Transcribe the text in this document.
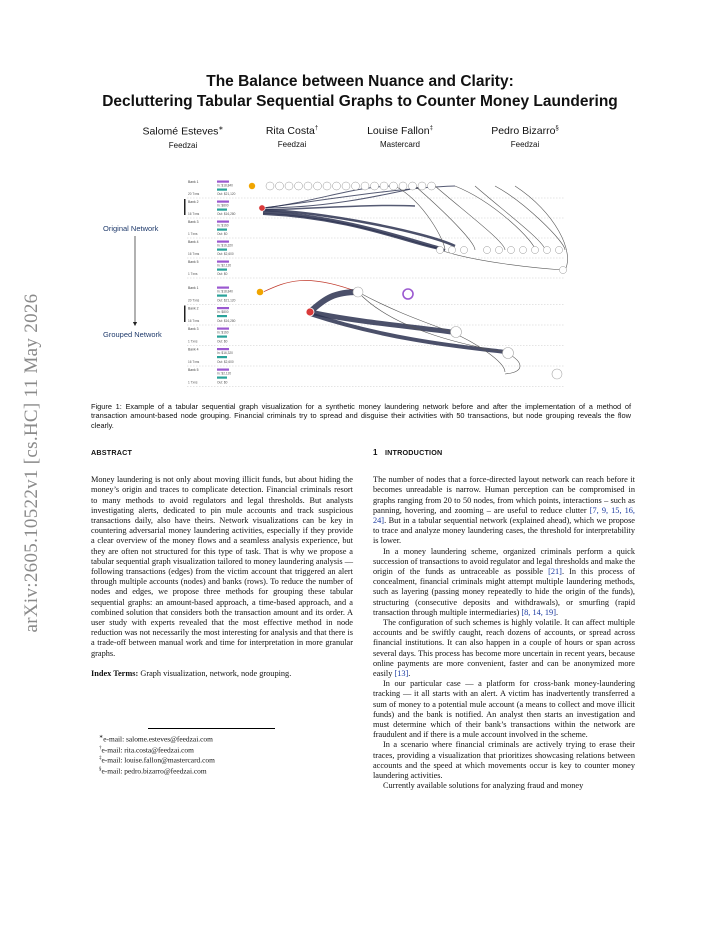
arXiv:2605.10522v1 [cs.HC] 11 May 2026
The Balance between Nuance and Clarity:
Decluttering Tabular Sequential Graphs to Counter Money Laundering
Salomé Esteves∗
Feedzai
Rita Costa†
Feedzai
Louise Fallon‡
Mastercard
Pedro Bizarro§
Feedzai
Original Network
Grouped Network
Bank 1
20 Txns
In: $18,840
Out: $21,120
Bank 2
16 Txns
In: $800
Out: $16,280
Bank 3
1 Txns
In: $160
Out: $0
Bank 4
16 Txns
In: $16,320
Out: $2,600
Bank 5
1 Txns
In: $2,120
Out: $0
Bank 1
20 Txns
In: $18,840
Out: $21,120
Bank 2
16 Txns
In: $800
Out: $16,280
Bank 3
1 Txns
In: $160
Out: $0
Bank 4
16 Txns
In: $16,320
Out: $2,600
Bank 5
1 Txns
In: $2,120
Out: $0
Figure 1: Example of a tabular sequential graph visualization for a synthetic money laundering network before and after the implementation of a method of transaction amount-based node grouping. Financial criminals try to spread and disguise their activities with 50 transactions, but node grouping reveals the flow clearly.
ABSTRACT

Money laundering is not only about moving illicit funds, but about hiding the money’s origin and traces to complicate detection. Financial criminals resort to many methods to avoid regulators and legal thresholds. But analysts investigating alerts, dedicated to pin mule accounts and track suspicious transactions daily, also have theirs. Network visualizations can be key in countering adversarial money laundering activities, especially if they provide a clear overview of the money flows and a seamless analysis experience, but they are often not structured for this type of task. That is why we propose a tabular sequential graph visualization tailored to money laundering analysis — following transactions (edges) from the victim account that triggered an alert through multiple accounts (nodes) and banks (rows). To reduce the number of nodes and edges, we propose three methods for grouping these tabular sequential graphs: an amount-based approach, a time-based approach, and a combined solution that considers both the transaction amount and its order. A user study with experts revealed that the most effective method in node reduction was not necessarily the most interesting for analysis and that there is a trade-off between manual work and time for interpretation in more granular graphs.

Index Terms: Graph visualization, network, node grouping.

∗e-mail: salome.esteves@feedzai.com
†e-mail: rita.costa@feedzai.com
‡e-mail: louise.fallon@mastercard.com
§e-mail: pedro.bizarro@feedzai.com
1 INTRODUCTION

The number of nodes that a force-directed layout network can reach before it becomes unreadable is narrow. Human perception can be compromised in graphs ranging from 20 to 50 nodes, from which points, interactions – such as panning, hovering, and zooming – are useful to reduce clutter [7, 9, 15, 16, 24]. But in a tabular sequential network (explained ahead), which we propose to trace and analyze money laundering cases, the threshold for interpretability is lower.

In a money laundering scheme, organized criminals perform a quick succession of transactions to avoid regulator and legal thresholds and make the origin of the funds as untraceable as possible [21]. In this process of concealment, financial criminals might attempt multiple laundering methods, such as layering (passing money repeatedly to hide the origin of the funds), structuring (consecutive deposits and withdrawals), or smurfing (rapid transaction through multiple intermediaries) [8, 14, 19].

The configuration of such schemes is highly volatile. It can affect multiple accounts and be swiftly caught, reach dozens of accounts, or spread across financial institutions. It can also happen in a couple of hours or span across several days. This process has become more uncertain in recent years, because online payments are more convenient, faster and can be anonymized more easily [13].

In our particular case — a platform for cross-bank money-laundering tracking — it all starts with an alert. A victim has inadvertently transferred a sum of money to a potential mule account (a means to collect and move illicit funds) and the bank is notified. An analyst then starts an investigation and must determine which of their bank’s transactions within the network are fraudulent and if there is a mule account involved in the scheme.

In a scenario where financial criminals are actively trying to erase their traces, providing a visualization that prioritizes showcasing relations between accounts and the speed at which movements occur is key to counter money laundering activities.

Currently available solutions for analyzing fraud and money
